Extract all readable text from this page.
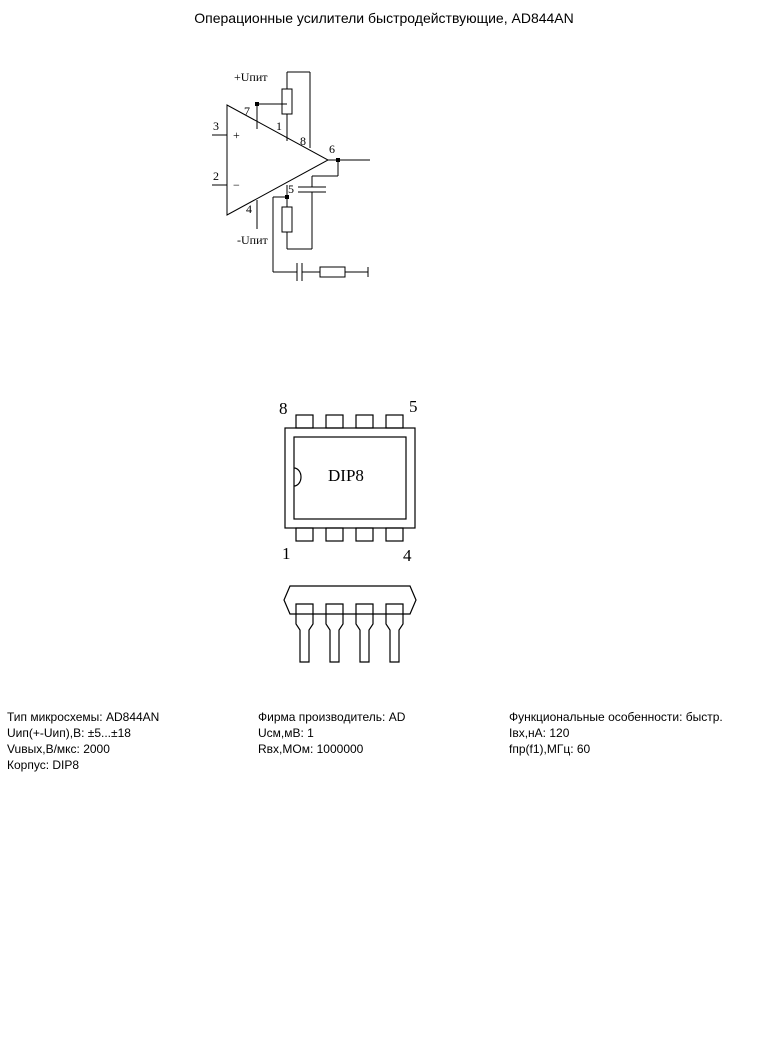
Операционные усилители быстродействующие, AD844AN
+Uпит
-Uпит
7
1
8
6
3
2
5
4
+
−
DIP8
8	5
1	4
Тип микросхемы: AD844AN
Uип(+-Uип),В: ±5...±18
Vuвых,В/мкс: 2000
Корпус: DIP8
Фирма производитель: AD
Uсм,мВ: 1
Rвх,МОм: 1000000
Функциональные особенности: быстр.
Iвх,нА: 120
fпр(f1),МГц: 60
